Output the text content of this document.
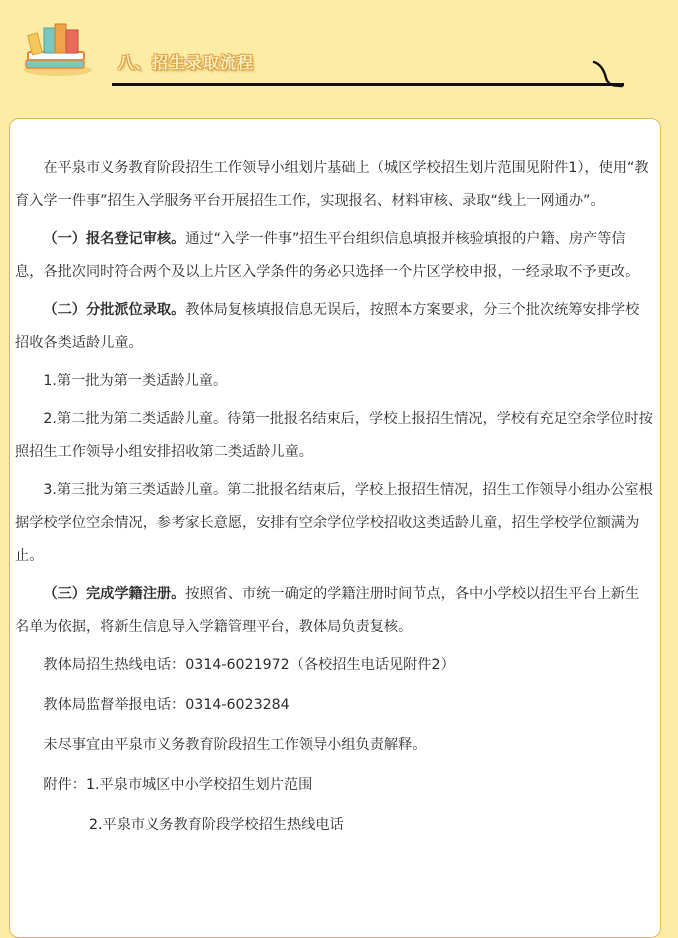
八、招生录取流程

在平泉市义务教育阶段招生工作领导小组划片基础上（城区学校招生划片范围见附件1），使用“教育入学一件事”招生入学服务平台开展招生工作，实现报名、材料审核、录取“线上一网通办”。

（一）报名登记审核。通过“入学一件事”招生平台组织信息填报并核验填报的户籍、房产等信息，各批次同时符合两个及以上片区入学条件的务必只选择一个片区学校申报，一经录取不予更改。

（二）分批派位录取。教体局复核填报信息无误后，按照本方案要求，分三个批次统筹安排学校招收各类适龄儿童。

1.第一批为第一类适龄儿童。

2.第二批为第二类适龄儿童。待第一批报名结束后，学校上报招生情况，学校有充足空余学位时按照招生工作领导小组安排招收第二类适龄儿童。

3.第三批为第三类适龄儿童。第二批报名结束后，学校上报招生情况，招生工作领导小组办公室根据学校学位空余情况，参考家长意愿，安排有空余学位学校招收这类适龄儿童，招生学校学位额满为止。

（三）完成学籍注册。按照省、市统一确定的学籍注册时间节点，各中小学校以招生平台上新生名单为依据，将新生信息导入学籍管理平台，教体局负责复核。

教体局招生热线电话：0314-6021972（各校招生电话见附件2）

教体局监督举报电话：0314-6023284

未尽事宜由平泉市义务教育阶段招生工作领导小组负责解释。

附件：1.平泉市城区中小学校招生划片范围

2.平泉市义务教育阶段学校招生热线电话
